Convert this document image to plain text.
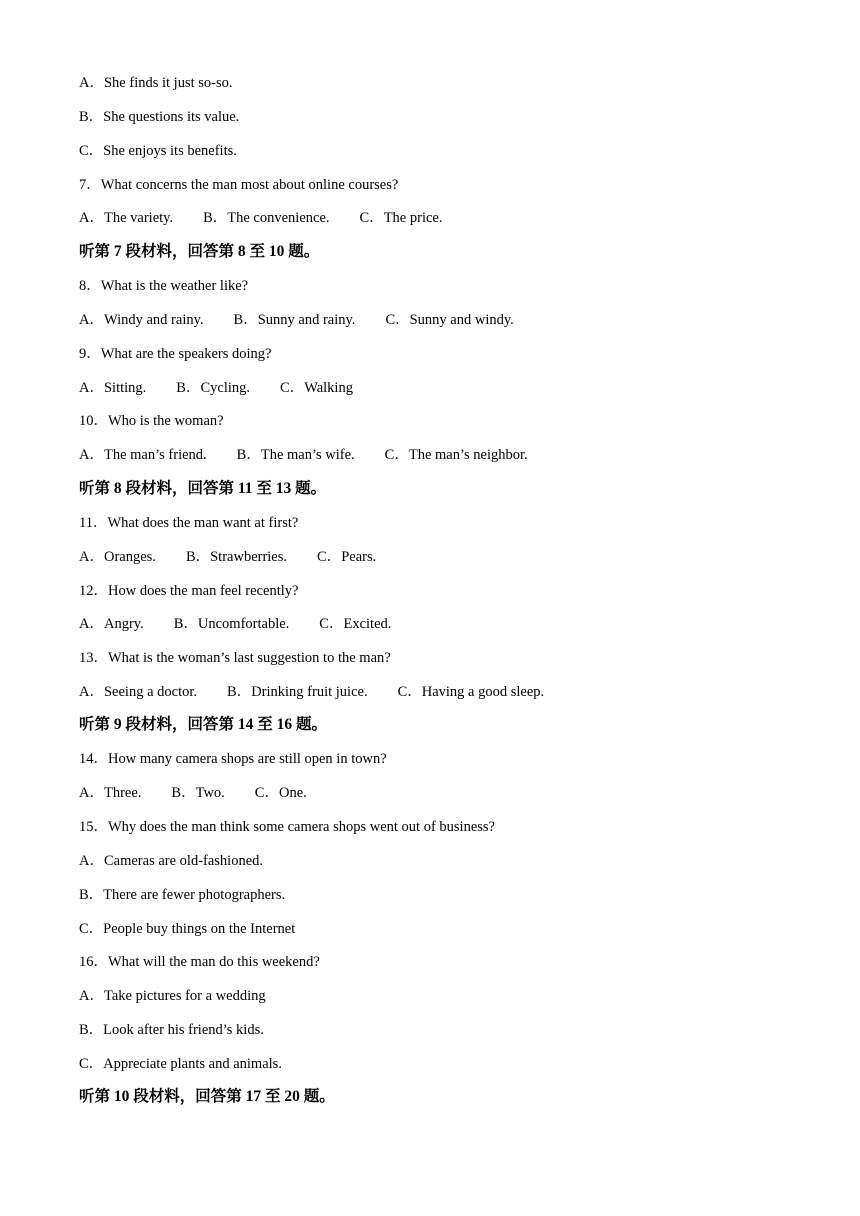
A．She finds it just so-so.

B．She questions its value.

C．She enjoys its benefits.

7．What concerns the man most about online courses?

A．The variety. B．The convenience. C．The price.

听第 7 段材料，回答第 8 至 10 题。

8．What is the weather like?

A．Windy and rainy. B．Sunny and rainy. C．Sunny and windy.

9．What are the speakers doing?

A．Sitting. B．Cycling. C．Walking

10．Who is the woman?

A．The man’s friend. B．The man’s wife. C．The man’s neighbor.

听第 8 段材料，回答第 11 至 13 题。

11．What does the man want at first?

A．Oranges. B．Strawberries. C．Pears.

12．How does the man feel recently?

A．Angry. B．Uncomfortable. C．Excited.

13．What is the woman’s last suggestion to the man?

A．Seeing a doctor. B．Drinking fruit juice. C．Having a good sleep.

听第 9 段材料，回答第 14 至 16 题。

14．How many camera shops are still open in town?

A．Three. B．Two. C．One.

15．Why does the man think some camera shops went out of business?

A．Cameras are old-fashioned.

B．There are fewer photographers.

C．People buy things on the Internet

16．What will the man do this weekend?

A．Take pictures for a wedding

B．Look after his friend’s kids.

C．Appreciate plants and animals.

听第 10 段材料，回答第 17 至 20 题。
